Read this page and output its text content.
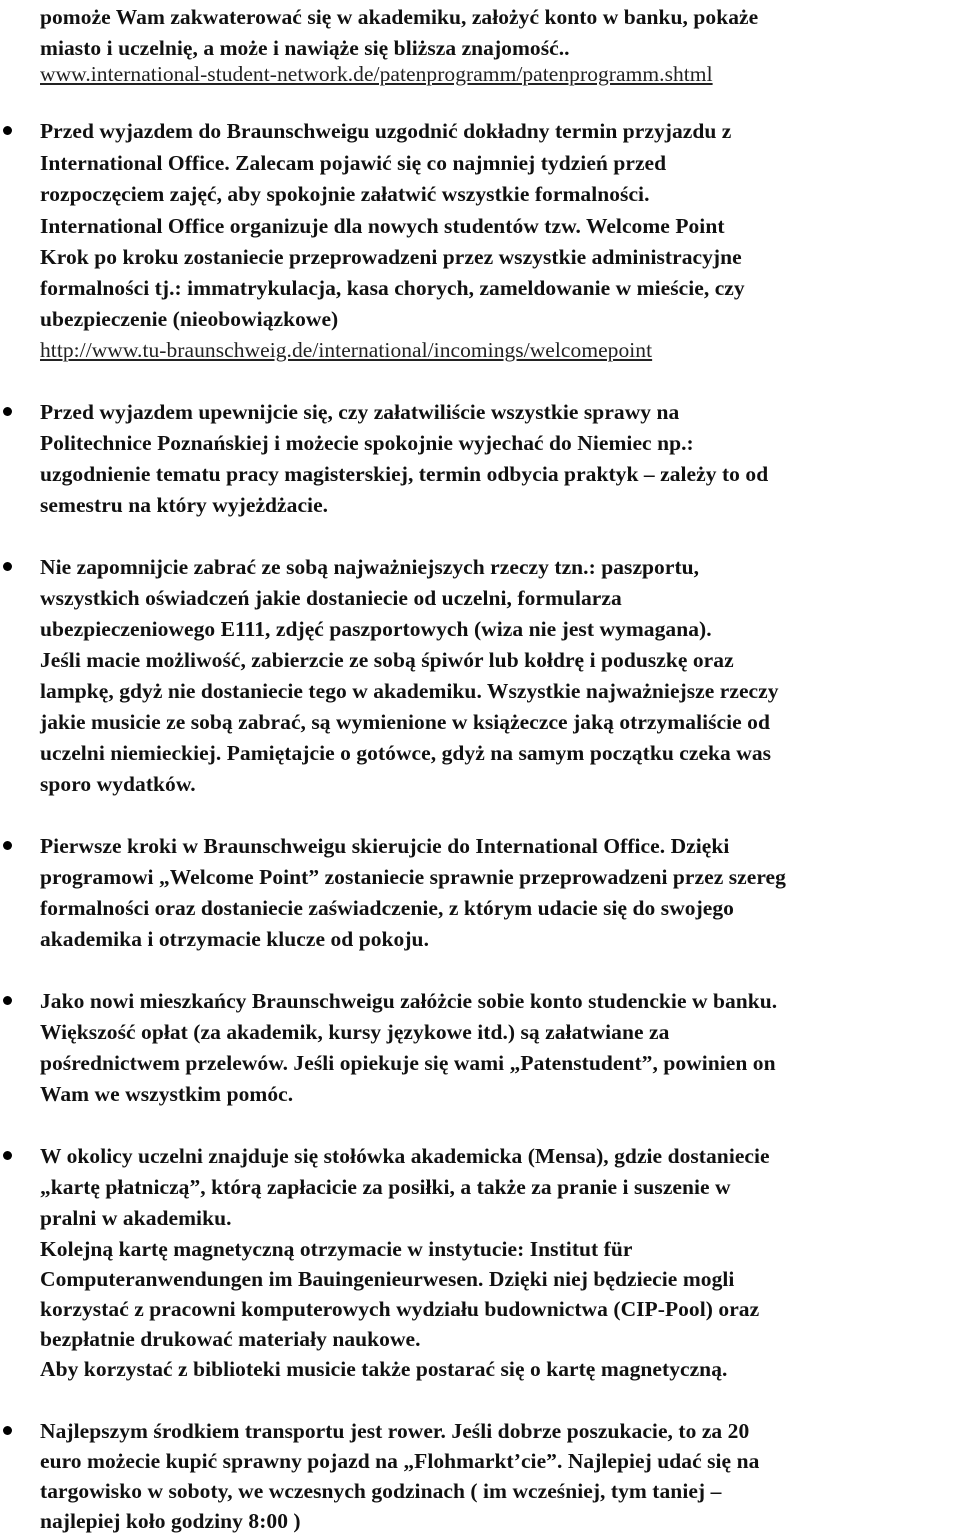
pomoże Wam zakwaterować się w akademiku, założyć konto w banku, pokaże
miasto i uczelnię, a może i nawiąże się bliższa znajomość..
www.international-student-network.de/patenprogramm/patenprogramm.shtml
Przed wyjazdem do Braunschweigu uzgodnić dokładny termin przyjazdu z
International Office. Zalecam pojawić się co najmniej tydzień przed
rozpoczęciem zajęć, aby spokojnie załatwić wszystkie formalności.
International Office organizuje dla nowych studentów tzw. Welcome Point
Krok po kroku zostaniecie przeprowadzeni przez wszystkie administracyjne
formalności tj.: immatrykulacja, kasa chorych, zameldowanie w mieście, czy
ubezpieczenie (nieobowiązkowe)
http://www.tu-braunschweig.de/international/incomings/welcomepoint
Przed wyjazdem upewnijcie się, czy załatwiliście wszystkie sprawy na
Politechnice Poznańskiej i możecie spokojnie wyjechać do Niemiec np.:
uzgodnienie tematu pracy magisterskiej, termin odbycia praktyk – zależy to od
semestru na który wyjeżdżacie.
Nie zapomnijcie zabrać ze sobą najważniejszych rzeczy tzn.: paszportu,
wszystkich oświadczeń jakie dostaniecie od uczelni, formularza
ubezpieczeniowego E111, zdjęć paszportowych (wiza nie jest wymagana).
Jeśli macie możliwość, zabierzcie ze sobą śpiwór lub kołdrę i poduszkę oraz
lampkę, gdyż nie dostaniecie tego w akademiku. Wszystkie najważniejsze rzeczy
jakie musicie ze sobą zabrać, są wymienione w książeczce jaką otrzymaliście od
uczelni niemieckiej. Pamiętajcie o gotówce, gdyż na samym początku czeka was
sporo wydatków.
Pierwsze kroki w Braunschweigu skierujcie do International Office. Dzięki
programowi „Welcome Point” zostaniecie sprawnie przeprowadzeni przez szereg
formalności oraz dostaniecie zaświadczenie, z którym udacie się do swojego
akademika i otrzymacie klucze od pokoju.
Jako nowi mieszkańcy Braunschweigu załóżcie sobie konto studenckie w banku.
Większość opłat (za akademik, kursy językowe itd.) są załatwiane za
pośrednictwem przelewów. Jeśli opiekuje się wami „Patenstudent”, powinien on
Wam we wszystkim pomóc.
W okolicy uczelni znajduje się stołówka akademicka (Mensa), gdzie dostaniecie
„kartę płatniczą”, którą zapłacicie za posiłki, a także za pranie i suszenie w
pralni w akademiku.
Kolejną kartę magnetyczną otrzymacie w instytucie: Institut für
Computeranwendungen im Bauingenieurwesen. Dzięki niej będziecie mogli
korzystać z pracowni komputerowych wydziału budownictwa (CIP-Pool) oraz
bezpłatnie drukować materiały naukowe.
Aby korzystać z biblioteki musicie także postarać się o kartę magnetyczną.
Najlepszym środkiem transportu jest rower. Jeśli dobrze poszukacie, to za 20
euro możecie kupić sprawny pojazd na „Flohmarkt’cie”. Najlepiej udać się na
targowisko w soboty, we wczesnych godzinach ( im wcześniej, tym taniej –
najlepiej koło godziny 8:00 )
